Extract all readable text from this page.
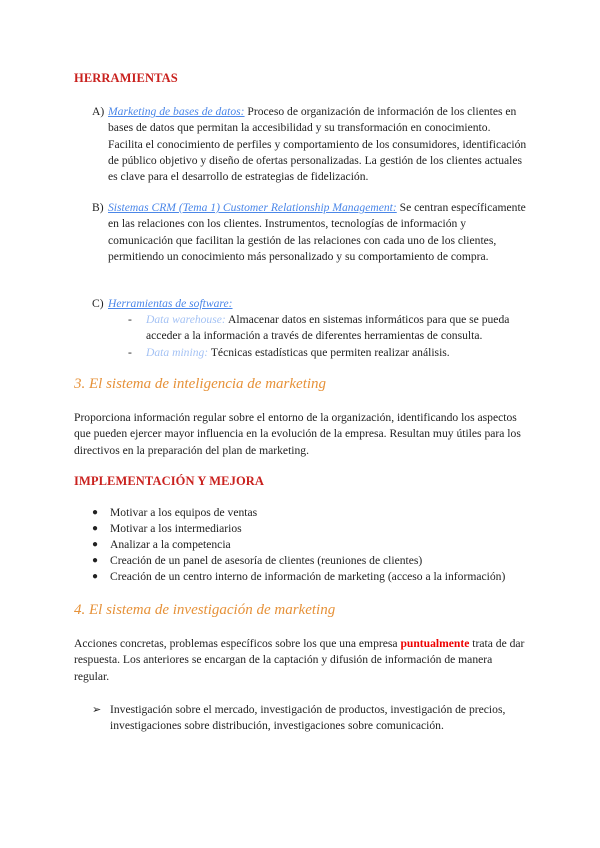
HERRAMIENTAS
A) Marketing de bases de datos: Proceso de organización de información de los clientes en bases de datos que permitan la accesibilidad y su transformación en conocimiento. Facilita el conocimiento de perfiles y comportamiento de los consumidores, identificación de público objetivo y diseño de ofertas personalizadas. La gestión de los clientes actuales es clave para el desarrollo de estrategias de fidelización.
B) Sistemas CRM (Tema 1) Customer Relationship Management: Se centran específicamente en las relaciones con los clientes. Instrumentos, tecnologías de información y comunicación que facilitan la gestión de las relaciones con cada uno de los clientes, permitiendo un conocimiento más personalizado y su comportamiento de compra.
C) Herramientas de software:
- Data warehouse: Almacenar datos en sistemas informáticos para que se pueda acceder a la información a través de diferentes herramientas de consulta.
- Data mining: Técnicas estadísticas que permiten realizar análisis.
3. El sistema de inteligencia de marketing
Proporciona información regular sobre el entorno de la organización, identificando los aspectos que pueden ejercer mayor influencia en la evolución de la empresa. Resultan muy útiles para los directivos en la preparación del plan de marketing.
IMPLEMENTACIÓN Y MEJORA
● Motivar a los equipos de ventas
● Motivar a los intermediarios
● Analizar a la competencia
● Creación de un panel de asesoría de clientes (reuniones de clientes)
● Creación de un centro interno de información de marketing (acceso a la información)
4. El sistema de investigación de marketing
Acciones concretas, problemas específicos sobre los que una empresa puntualmente trata de dar respuesta. Los anteriores se encargan de la captación y difusión de información de manera regular.
➢ Investigación sobre el mercado, investigación de productos, investigación de precios, investigaciones sobre distribución, investigaciones sobre comunicación.
